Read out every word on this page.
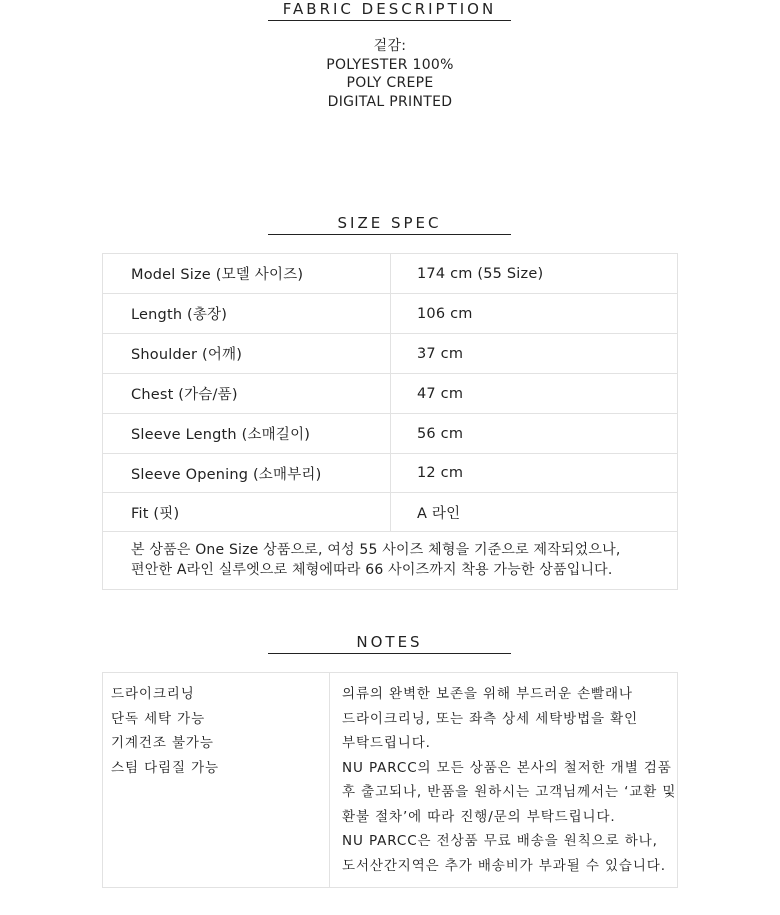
FABRIC DESCRIPTION
겉감:
POLYESTER 100%
POLY CREPE
DIGITAL PRINTED
SIZE SPEC
Model Size (모델 사이즈)	174 cm (55 Size)
Length (총장)	106 cm
Shoulder (어깨)	37 cm
Chest (가슴/품)	47 cm
Sleeve Length (소매길이)	56 cm
Sleeve Opening (소매부리)	12 cm
Fit (핏)	A 라인

본 상품은 One Size 상품으로, 여성 55 사이즈 체형을 기준으로 제작되었으나,
편안한 A라인 실루엣으로 체형에따라 66 사이즈까지 착용 가능한 상품입니다.	
NOTES
드라이크리닝
단독 세탁 가능
기계건조 불가능
스팀 다림질 가능

의류의 완벽한 보존을 위해 부드러운 손빨래나
드라이크리닝, 또는 좌측 상세 세탁방법을 확인
부탁드립니다.
NU PARCC의 모든 상품은 본사의 철저한 개별 검품
후 출고되나, 반품을 원하시는 고객님께서는 ‘교환 및
환불 절차’에 따라 진행/문의 부탁드립니다.
NU PARCC은 전상품 무료 배송을 원칙으로 하나,
도서산간지역은 추가 배송비가 부과될 수 있습니다.
